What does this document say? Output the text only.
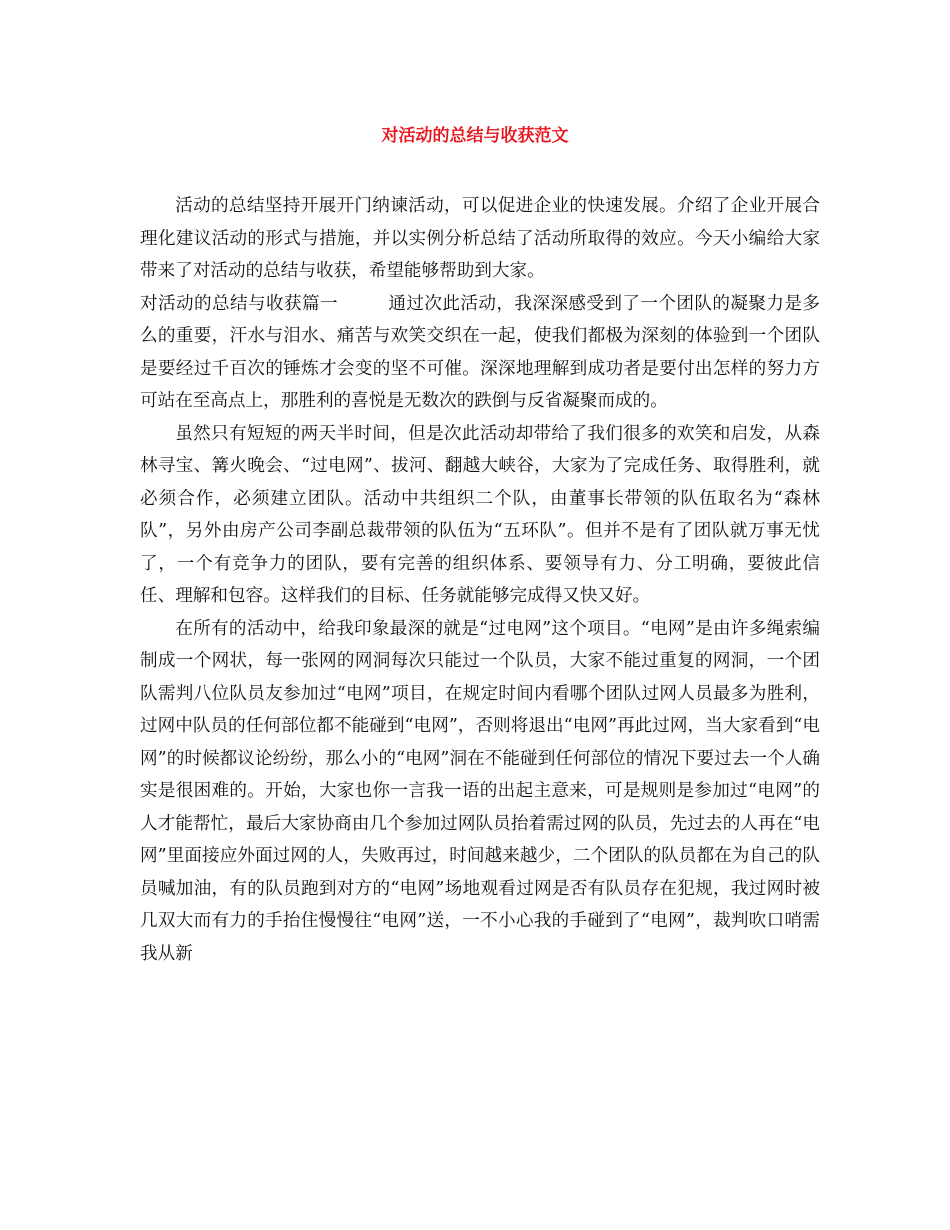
对活动的总结与收获范文

活动的总结坚持开展开门纳谏活动，可以促进企业的快速发展。介绍了企业开展合理化建议活动的形式与措施，并以实例分析总结了活动所取得的效应。今天小编给大家带来了对活动的总结与收获，希望能够帮助到大家。

对活动的总结与收获篇一	通过次此活动，我深深感受到了一个团队的凝聚力是多么的重要，汗水与泪水、痛苦与欢笑交织在一起，使我们都极为深刻的体验到一个团队是要经过千百次的锤炼才会变的坚不可催。深深地理解到成功者是要付出怎样的努力方可站在至高点上，那胜利的喜悦是无数次的跌倒与反省凝聚而成的。

虽然只有短短的两天半时间，但是次此活动却带给了我们很多的欢笑和启发，从森林寻宝、篝火晚会、“过电网”、拔河、翻越大峡谷，大家为了完成任务、取得胜利，就必须合作，必须建立团队。活动中共组织二个队，由董事长带领的队伍取名为“森林队”，另外由房产公司李副总裁带领的队伍为“五环队”。但并不是有了团队就万事无忧了，一个有竞争力的团队，要有完善的组织体系、要领导有力、分工明确，要彼此信任、理解和包容。这样我们的目标、任务就能够完成得又快又好。

在所有的活动中，给我印象最深的就是“过电网”这个项目。“电网”是由许多绳索编制成一个网状，每一张网的网洞每次只能过一个队员，大家不能过重复的网洞，一个团队需判八位队员友参加过“电网”项目，在规定时间内看哪个团队过网人员最多为胜利，过网中队员的任何部位都不能碰到“电网”，否则将退出“电网”再此过网，当大家看到“电网”的时候都议论纷纷，那么小的“电网”洞在不能碰到任何部位的情况下要过去一个人确实是很困难的。开始，大家也你一言我一语的出起主意来，可是规则是参加过“电网”的人才能帮忙，最后大家协商由几个参加过网队员抬着需过网的队员，先过去的人再在“电网”里面接应外面过网的人，失败再过，时间越来越少，二个团队的队员都在为自己的队员喊加油，有的队员跑到对方的“电网”场地观看过网是否有队员存在犯规，我过网时被几双大而有力的手抬住慢慢往“电网”送，一不小心我的手碰到了“电网”，裁判吹口哨需我从新
